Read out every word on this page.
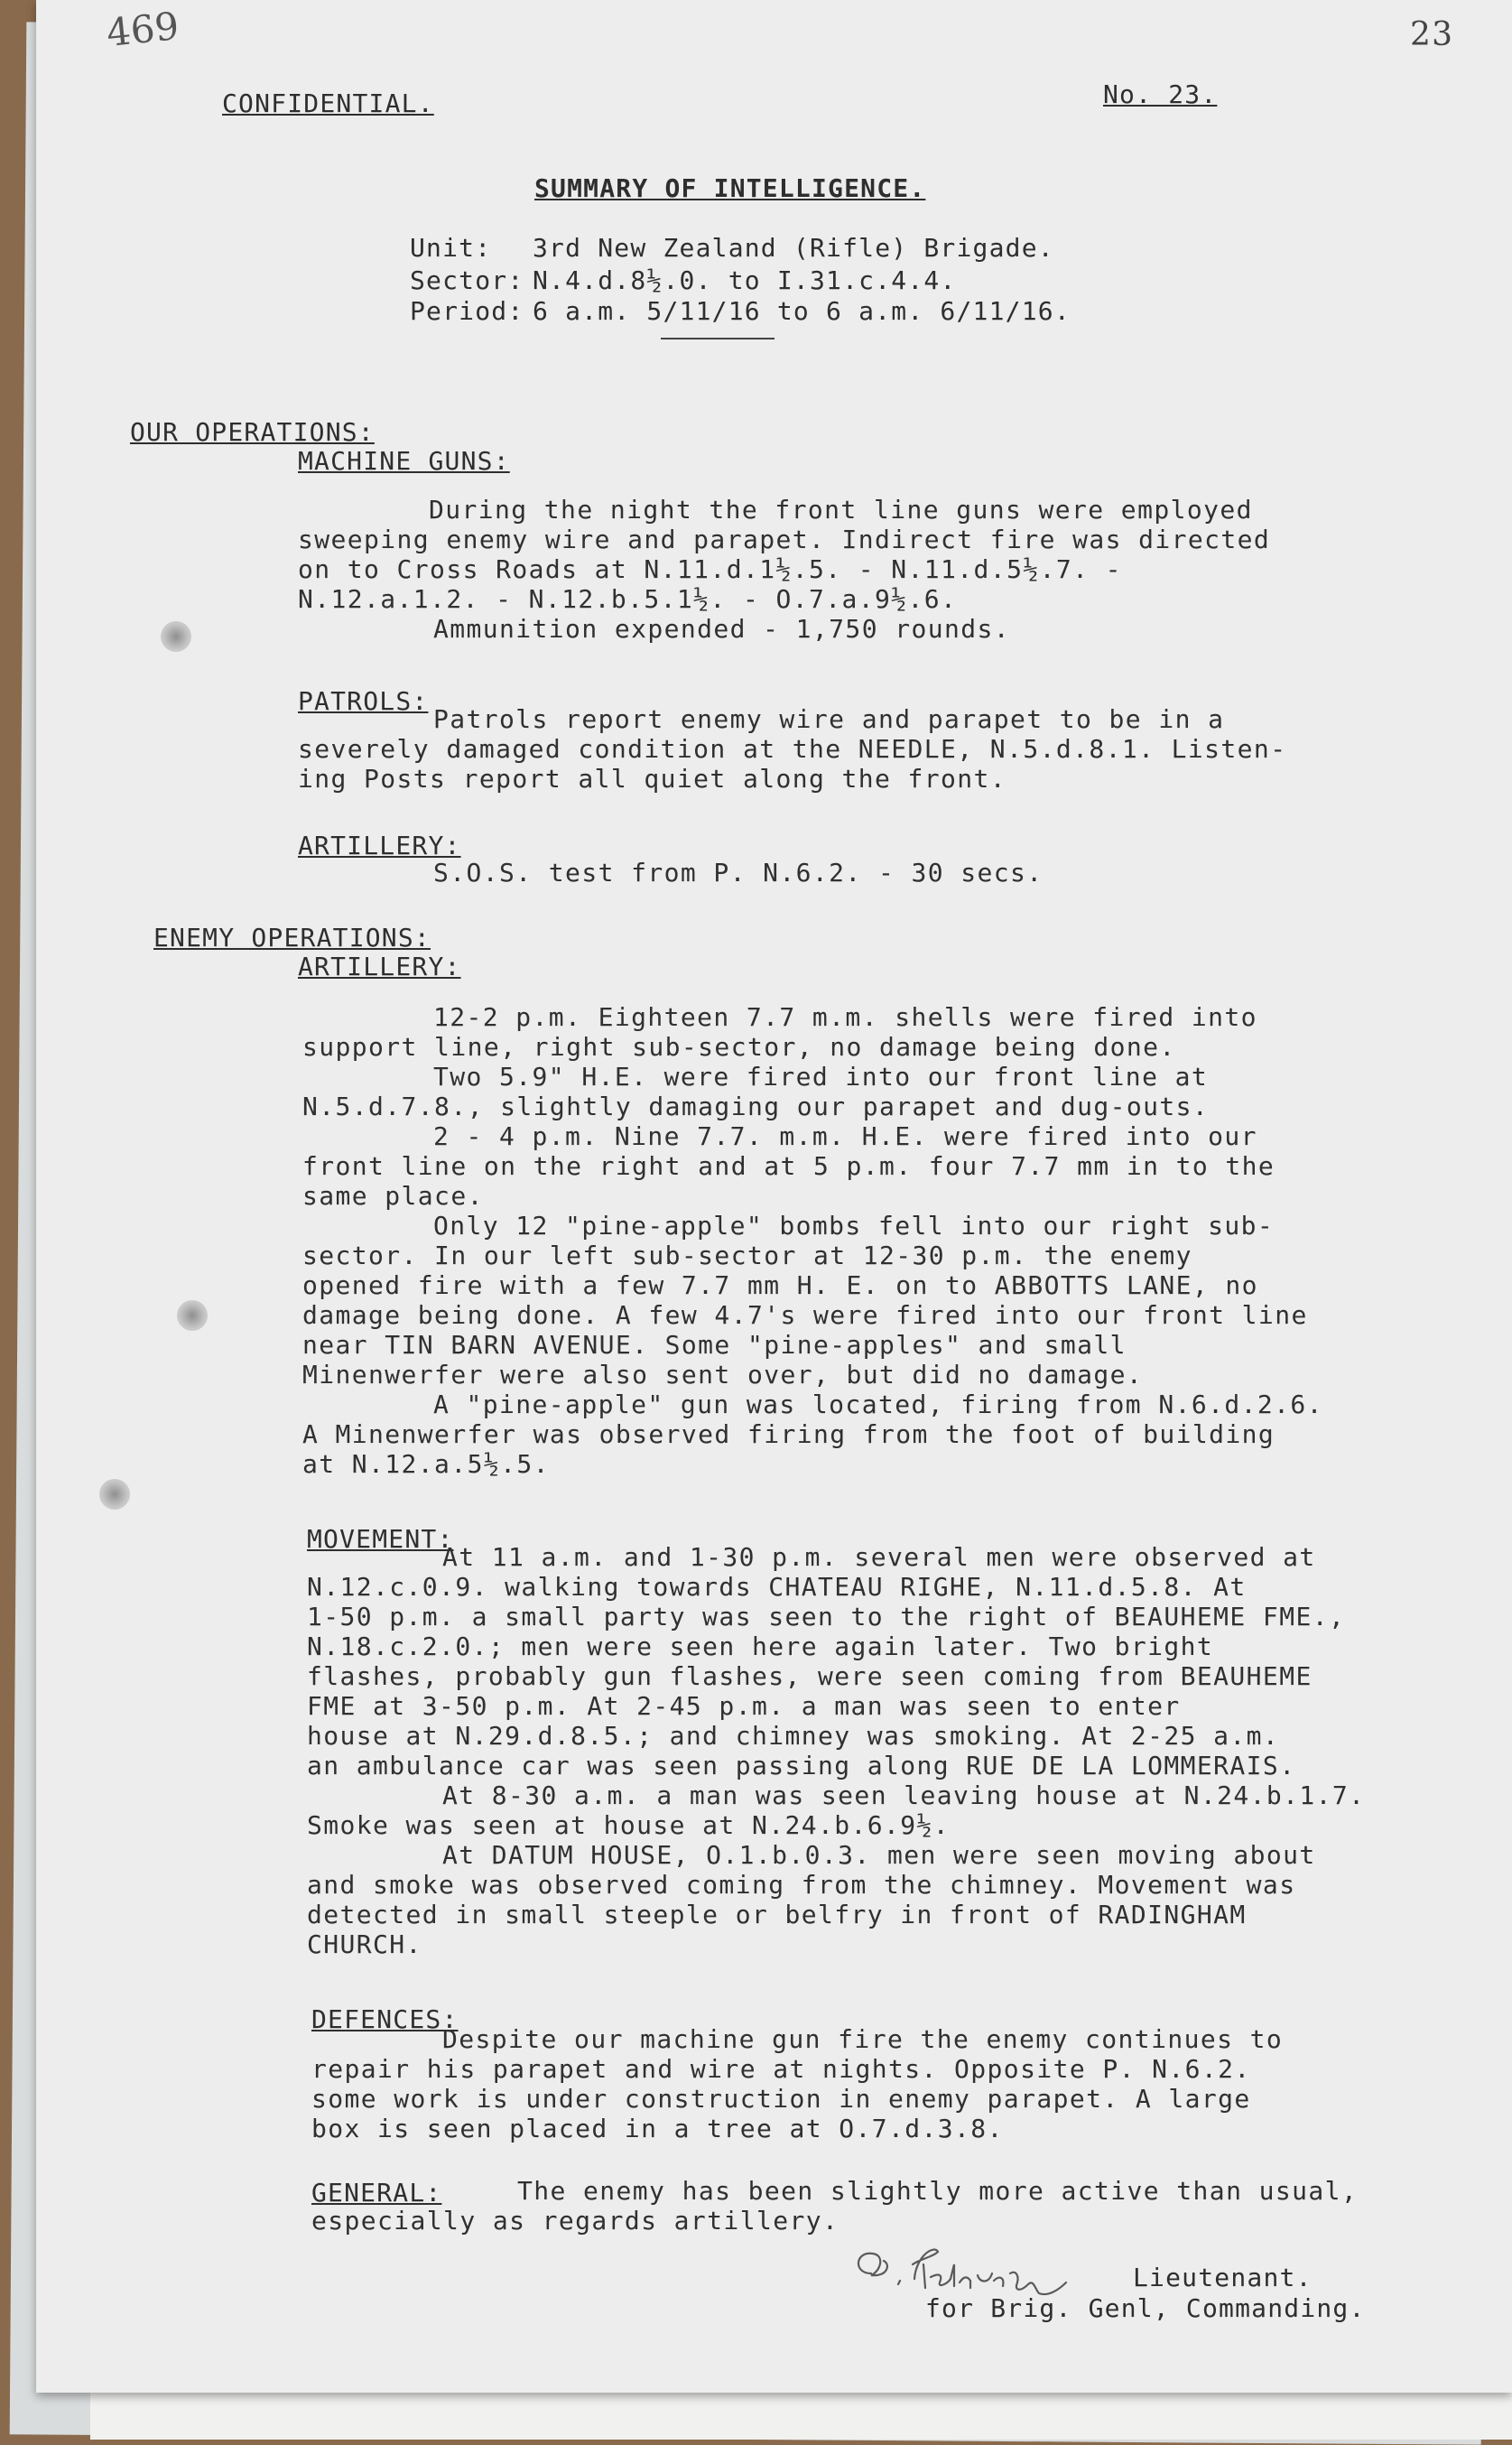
469	23
CONFIDENTIAL.	No. 23.
SUMMARY OF INTELLIGENCE.
Unit: 3rd New Zealand (Rifle) Brigade.
Sector: N.4.d.8½.0. to I.31.c.4.4.
Period: 6 a.m. 5/11/16 to 6 a.m. 6/11/16.
OUR OPERATIONS:
MACHINE GUNS:
During the night the front line guns were employed
sweeping enemy wire and parapet. Indirect fire was directed
on to Cross Roads at N.11.d.1½.5. - N.11.d.5½.7. -
N.12.a.1.2. - N.12.b.5.1½. - O.7.a.9½.6.
Ammunition expended - 1,750 rounds.
PATROLS:
Patrols report enemy wire and parapet to be in a
severely damaged condition at the NEEDLE, N.5.d.8.1. Listen-
ing Posts report all quiet along the front.
ARTILLERY:
S.O.S. test from P. N.6.2. - 30 secs.
ENEMY OPERATIONS:
ARTILLERY:
12-2 p.m. Eighteen 7.7 m.m. shells were fired into
support line, right sub-sector, no damage being done.
Two 5.9" H.E. were fired into our front line at
N.5.d.7.8., slightly damaging our parapet and dug-outs.
2 - 4 p.m. Nine 7.7. m.m. H.E. were fired into our
front line on the right and at 5 p.m. four 7.7 mm in to the
same place.
Only 12 "pine-apple" bombs fell into our right sub-
sector. In our left sub-sector at 12-30 p.m. the enemy
opened fire with a few 7.7 mm H. E. on to ABBOTTS LANE, no
damage being done. A few 4.7's were fired into our front line
near TIN BARN AVENUE. Some "pine-apples" and small
Minenwerfer were also sent over, but did no damage.
A "pine-apple" gun was located, firing from N.6.d.2.6.
A Minenwerfer was observed firing from the foot of building
at N.12.a.5½.5.
MOVEMENT:
At 11 a.m. and 1-30 p.m. several men were observed at
N.12.c.0.9. walking towards CHATEAU RIGHE, N.11.d.5.8. At
1-50 p.m. a small party was seen to the right of BEAUHEME FME.,
N.18.c.2.0.; men were seen here again later. Two bright
flashes, probably gun flashes, were seen coming from BEAUHEME
FME at 3-50 p.m. At 2-45 p.m. a man was seen to enter
house at N.29.d.8.5.; and chimney was smoking. At 2-25 a.m.
an ambulance car was seen passing along RUE DE LA LOMMERAIS.
At 8-30 a.m. a man was seen leaving house at N.24.b.1.7.
Smoke was seen at house at N.24.b.6.9½.
At DATUM HOUSE, O.1.b.0.3. men were seen moving about
and smoke was observed coming from the chimney. Movement was
detected in small steeple or belfry in front of RADINGHAM
CHURCH.
DEFENCES:
Despite our machine gun fire the enemy continues to
repair his parapet and wire at nights. Opposite P. N.6.2.
some work is under construction in enemy parapet. A large
box is seen placed in a tree at O.7.d.3.8.
GENERAL:	The enemy has been slightly more active than usual,
especially as regards artillery.
Lieutenant.
for Brig. Genl, Commanding.
